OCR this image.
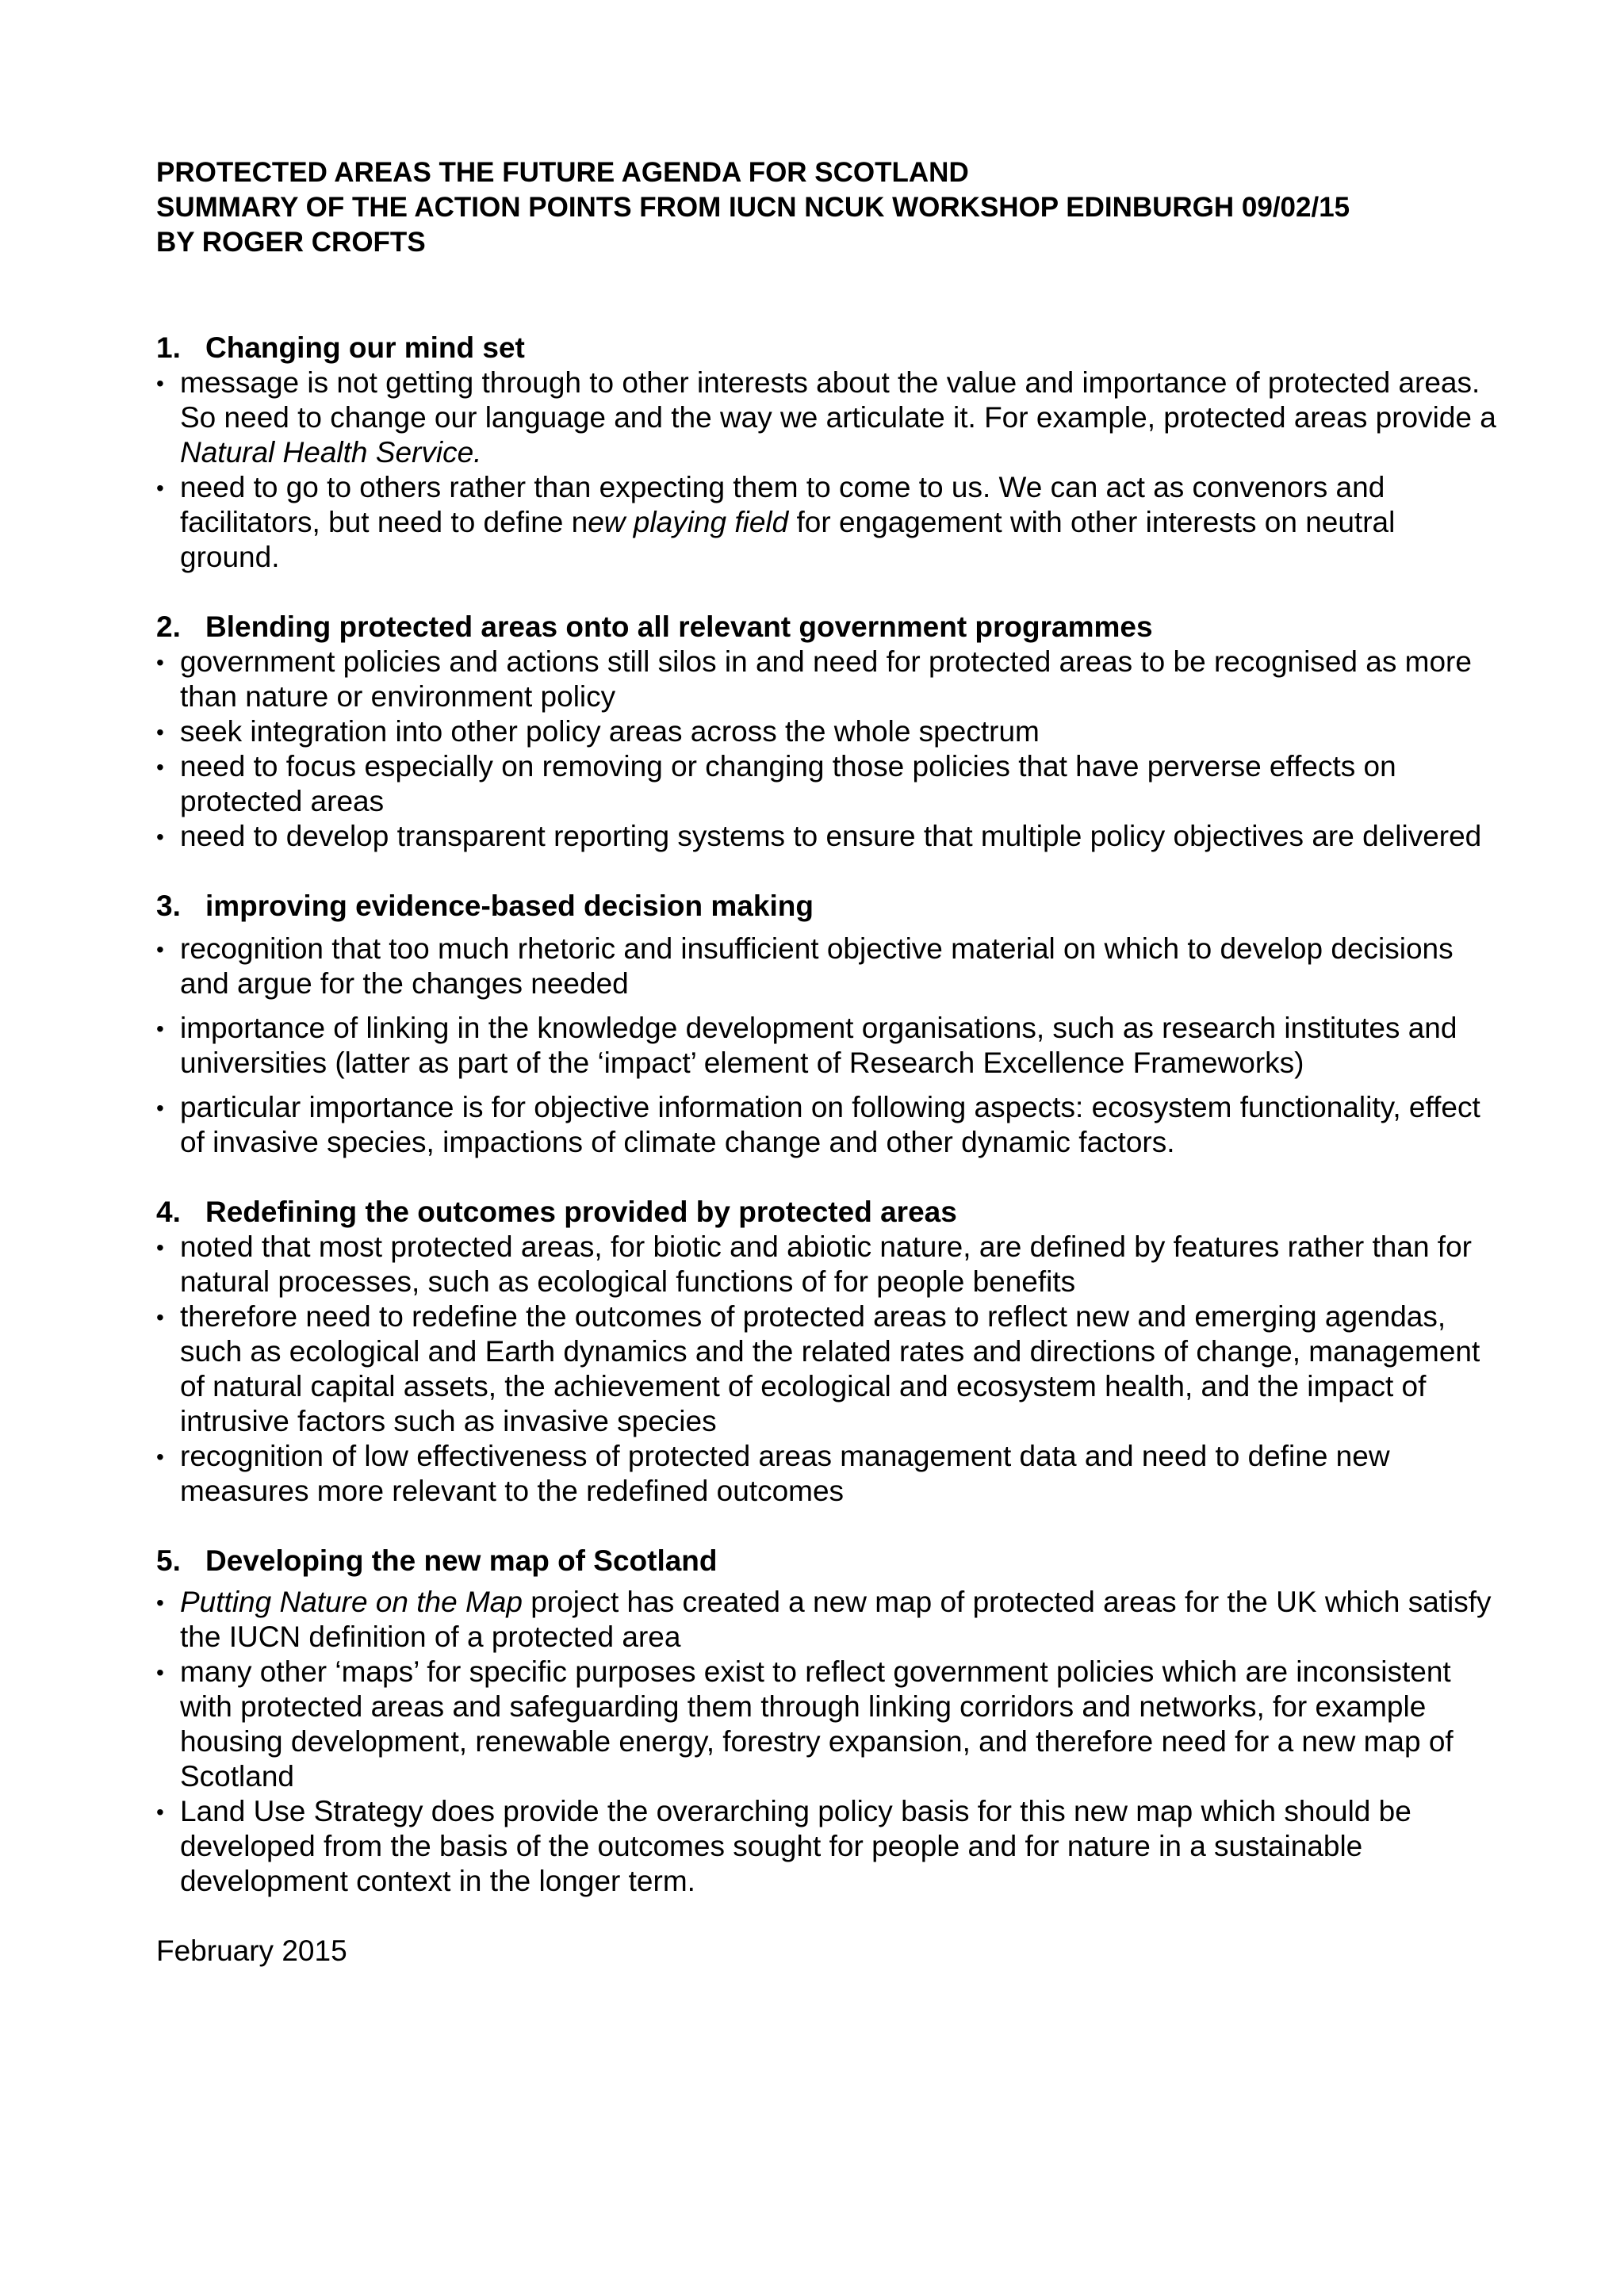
PROTECTED AREAS THE FUTURE AGENDA FOR SCOTLAND

SUMMARY OF THE ACTION POINTS FROM IUCN NCUK WORKSHOP EDINBURGH 09/02/15

BY ROGER CROFTS

1. Changing our mind set
• message is not getting through to other interests about the value and importance of protected areas. So need to change our language and the way we articulate it. For example, protected areas provide a Natural Health Service.
• need to go to others rather than expecting them to come to us. We can act as convenors and facilitators, but need to define new playing field for engagement with other interests on neutral ground.
2. Blending protected areas onto all relevant government programmes
• government policies and actions still silos in and need for protected areas to be recognised as more than nature or environment policy
• seek integration into other policy areas across the whole spectrum
• need to focus especially on removing or changing those policies that have perverse effects on protected areas
• need to develop transparent reporting systems to ensure that multiple policy objectives are delivered
3. improving evidence-based decision making
• recognition that too much rhetoric and insufficient objective material on which to develop decisions and argue for the changes needed
• importance of linking in the knowledge development organisations, such as research institutes and universities (latter as part of the ‘impact’ element of Research Excellence Frameworks)
• particular importance is for objective information on following aspects: ecosystem functionality, effect of invasive species, impactions of climate change and other dynamic factors.
4. Redefining the outcomes provided by protected areas
• noted that most protected areas, for biotic and abiotic nature, are defined by features rather than for natural processes, such as ecological functions of for people benefits
• therefore need to redefine the outcomes of protected areas to reflect new and emerging agendas, such as ecological and Earth dynamics and the related rates and directions of change, management of natural capital assets, the achievement of ecological and ecosystem health, and the impact of intrusive factors such as invasive species
• recognition of low effectiveness of protected areas management data and need to define new measures more relevant to the redefined outcomes
5. Developing the new map of Scotland
• Putting Nature on the Map project has created a new map of protected areas for the UK which satisfy the IUCN definition of a protected area
• many other ‘maps’ for specific purposes exist to reflect government policies which are inconsistent with protected areas and safeguarding them through linking corridors and networks, for example housing development, renewable energy, forestry expansion, and therefore need for a new map of Scotland
• Land Use Strategy does provide the overarching policy basis for this new map which should be developed from the basis of the outcomes sought for people and for nature in a sustainable development context in the longer term.

February 2015
